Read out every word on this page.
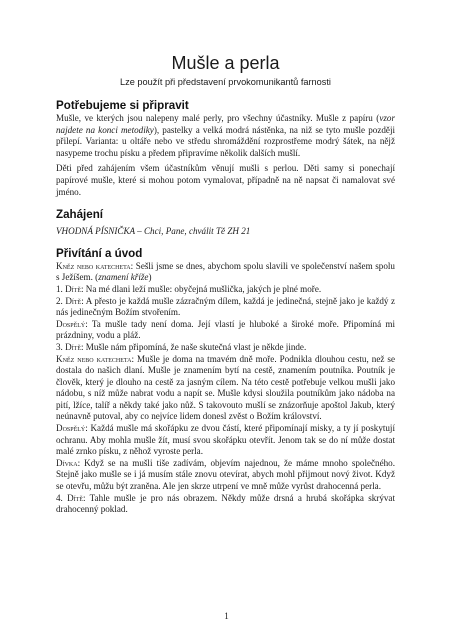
Mušle a perla
Lze použít při představení prvokomunikantů farnosti
Potřebujeme si připravit

Mušle, ve kterých jsou nalepeny malé perly, pro všechny účastníky. Mušle z papíru (vzor najdete na konci metodiky), pastelky a velká modrá nástěnka, na niž se tyto mušle později přilepí. Varianta: u oltáře nebo ve středu shromáždění rozprostřeme modrý šátek, na nějž nasypeme trochu písku a předem připravíme několik dalších mušlí.

Děti před zahájením všem účastníkům věnují mušli s perlou. Děti samy si ponechají papírové mušle, které si mohou potom vymalovat, případně na ně napsat či namalovat své jméno.

Zahájení

VHODNÁ PÍSNIČKA – Chci, Pane, chválit Tě ZH 21

Přivítání a úvod

Kněz nebo katecheta: Sešli jsme se dnes, abychom spolu slavili ve společenství našem spolu s Ježíšem. (znamení kříže)

1. Dítě: Na mé dlani leží mušle: obyčejná mušlička, jakých je plné moře.

2. Dítě: A přesto je každá mušle zázračným dílem, každá je jedinečná, stejně jako je každý z nás jedinečným Božím stvořením.

Dospělý: Ta mušle tady není doma. Její vlastí je hluboké a široké moře. Připomíná mi prázdniny, vodu a pláž.

3. Dítě: Mušle nám připomíná, že naše skutečná vlast je někde jinde.

Kněz nebo katecheta: Mušle je doma na tmavém dně moře. Podnikla dlouhou cestu, než se dostala do našich dlaní. Mušle je znamením bytí na cestě, znamením poutníka. Poutník je člověk, který je dlouho na cestě za jasným cílem. Na této cestě potřebuje velkou mušli jako nádobu, s níž může nabrat vodu a napít se. Mušle kdysi sloužila poutníkům jako nádoba na pití, lžíce, talíř a někdy také jako nůž. S takovouto mušlí se znázorňuje apoštol Jakub, který neúnavně putoval, aby co nejvíce lidem donesl zvěst o Božím království.

Dospělý: Každá mušle má skořápku ze dvou částí, které připomínají misky, a ty jí poskytují ochranu. Aby mohla mušle žít, musí svou skořápku otevřít. Jenom tak se do ní může dostat malé zrnko písku, z něhož vyroste perla.

Dívka: Když se na mušli tiše zadívám, objevím najednou, že máme mnoho společného. Stejně jako mušle se i já musím stále znovu otevírat, abych mohl přijmout nový život. Když se otevřu, můžu být zraněna. Ale jen skrze utrpení ve mně může vyrůst drahocenná perla.

4. Dítě: Tahle mušle je pro nás obrazem. Někdy může drsná a hrubá skořápka skrývat drahocenný poklad.

1
